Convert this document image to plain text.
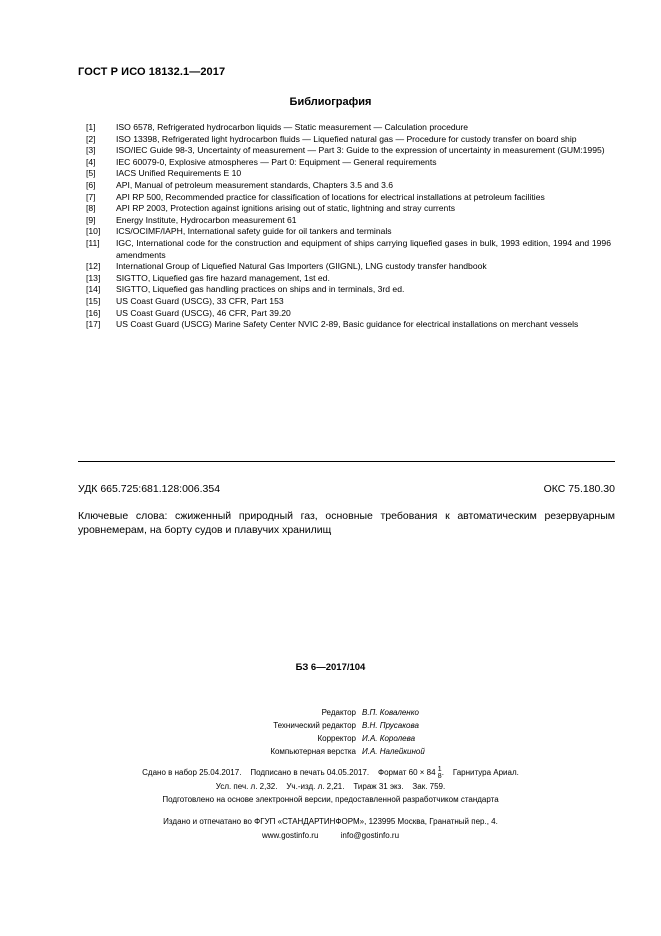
ГОСТ Р ИСО 18132.1—2017
Библиография
[1]	ISO 6578, Refrigerated hydrocarbon liquids — Static measurement — Calculation procedure
[2]	ISO 13398, Refrigerated light hydrocarbon fluids — Liquefied natural gas — Procedure for custody transfer on board ship
[3]	ISO/IEC Guide 98-3, Uncertainty of measurement — Part 3: Guide to the expression of uncertainty in measurement (GUM:1995)
[4]	IEC 60079-0, Explosive atmospheres — Part 0: Equipment — General requirements
[5]	IACS Unified Requirements E 10
[6]	API, Manual of petroleum measurement standards, Chapters 3.5 and 3.6
[7]	API RP 500, Recommended practice for classification of locations for electrical installations at petroleum facilities
[8]	API RP 2003, Protection against ignitions arising out of static, lightning and stray currents
[9]	Energy Institute, Hydrocarbon measurement 61
[10]	ICS/OCIMF/IAPH, International safety guide for oil tankers and terminals
[11]	IGC, International code for the construction and equipment of ships carrying liquefied gases in bulk, 1993 edition, 1994 and 1996 amendments
[12]	International Group of Liquefied Natural Gas Importers (GIIGNL), LNG custody transfer handbook
[13]	SIGTTO, Liquefied gas fire hazard management, 1st ed.
[14]	SIGTTO, Liquefied gas handling practices on ships and in terminals, 3rd ed.
[15]	US Coast Guard (USCG), 33 CFR, Part 153
[16]	US Coast Guard (USCG), 46 CFR, Part 39.20
[17]	US Coast Guard (USCG) Marine Safety Center NVIC 2-89, Basic guidance for electrical installations on merchant vessels
УДК 665.725:681.128:006.354	ОКС 75.180.30
Ключевые слова: сжиженный природный газ, основные требования к автоматическим резервуарным уровнемерам, на борту судов и плавучих хранилищ
БЗ 6—2017/104
Редактор В.П. Коваленко
Технический редактор В.Н. Прусакова
Корректор И.А. Королева
Компьютерная верстка И.А. Налейкиной
Сдано в набор 25.04.2017. Подписано в печать 04.05.2017. Формат 60 × 84 1
8 .    Гарнитура Ариал.
Усл. печ. л. 2,32.    Уч.-изд. л. 2,21.    Тираж 31 экз.    Зак. 759.
Подготовлено на основе электронной версии, предоставленной разработчиком стандарта
Издано и отпечатано во ФГУП «СТАНДАРТИНФОРМ», 123995 Москва, Гранатный пер., 4.
www.gostinfo.ru	info@gostinfo.ru
